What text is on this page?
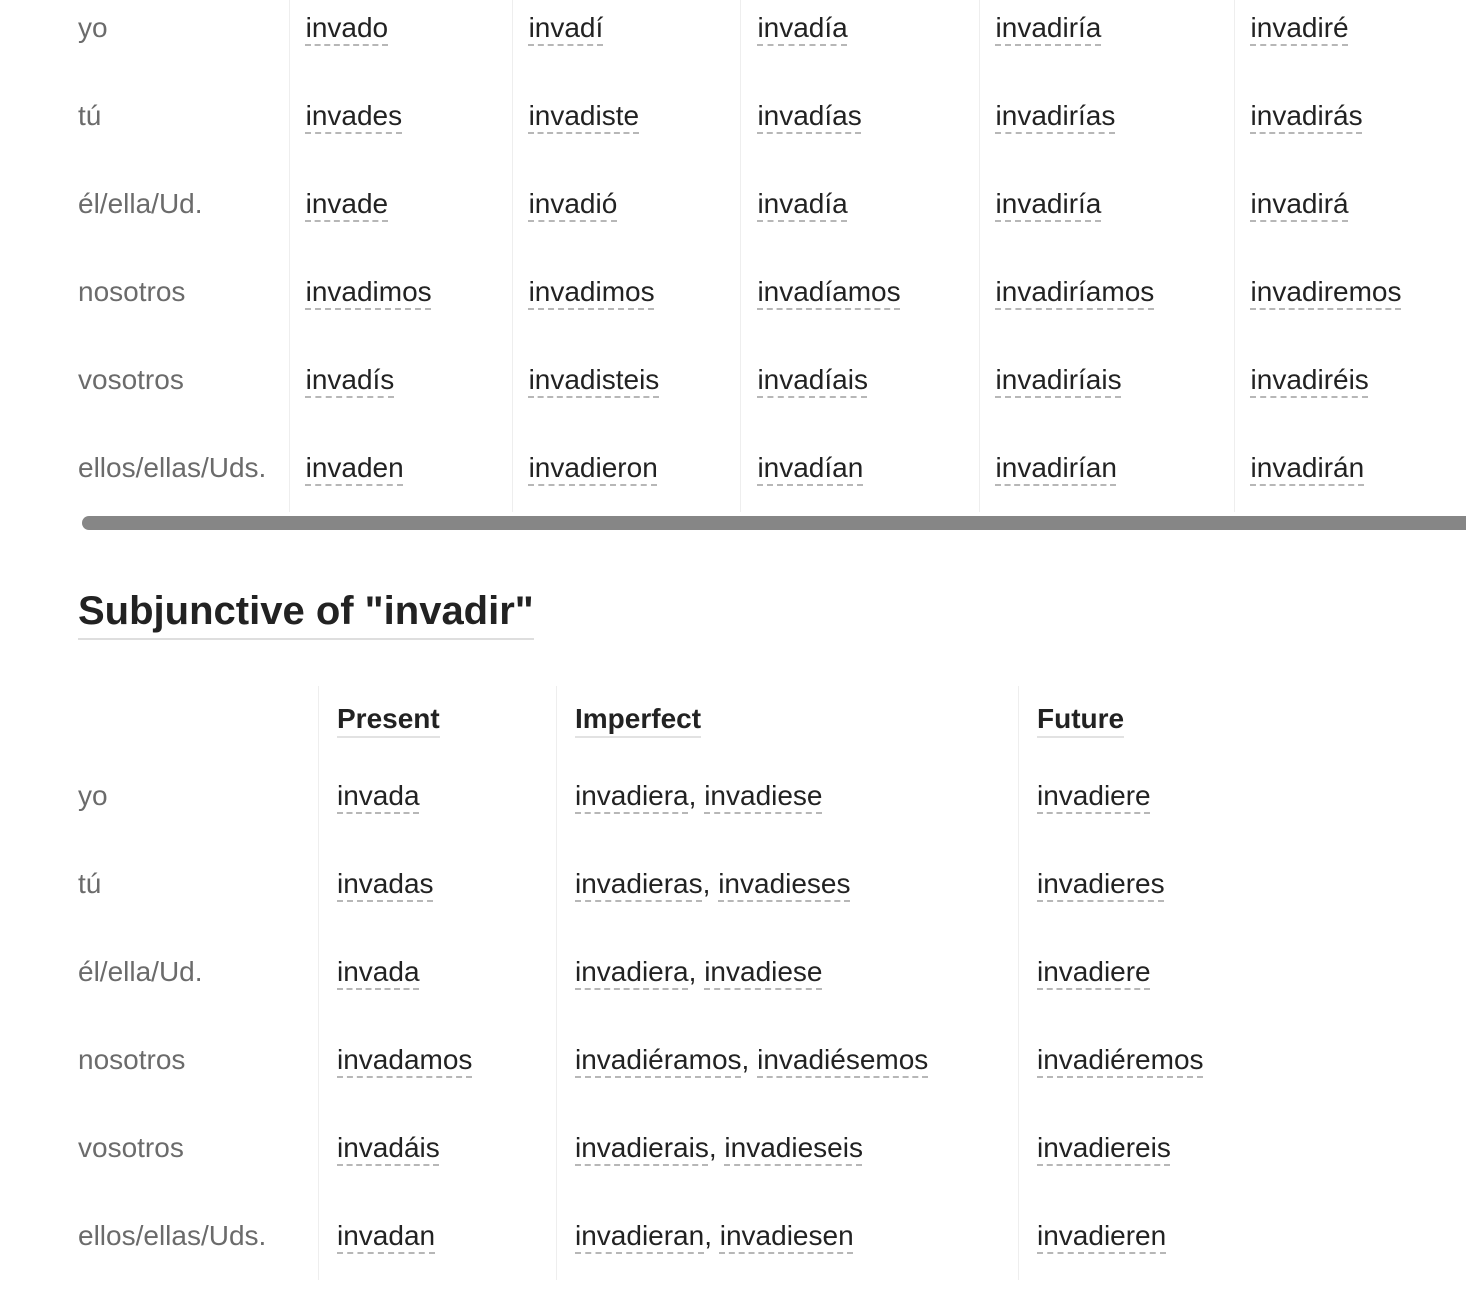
yo	invado	invadí	invadía	invadiría	invadiré
tú	invades	invadiste	invadías	invadirías	invadirás
él/ella/Ud.	invade	invadió	invadía	invadiría	invadirá
nosotros	invadimos	invadimos	invadíamos	invadiríamos	invadiremos
vosotros	invadís	invadisteis	invadíais	invadiríais	invadiréis
ellos/ellas/Uds.	invaden	invadieron	invadían	invadirían	invadirán
Subjunctive of "invadir"
	Present	Imperfect	Future
yo	invada	invadiera, invadiese	invadiere
tú	invadas	invadieras, invadieses	invadieres
él/ella/Ud.	invada	invadiera, invadiese	invadiere
nosotros	invadamos	invadiéramos, invadiésemos	invadiéremos
vosotros	invadáis	invadierais, invadieseis	invadiereis
ellos/ellas/Uds.	invadan	invadieran, invadiesen	invadieren
